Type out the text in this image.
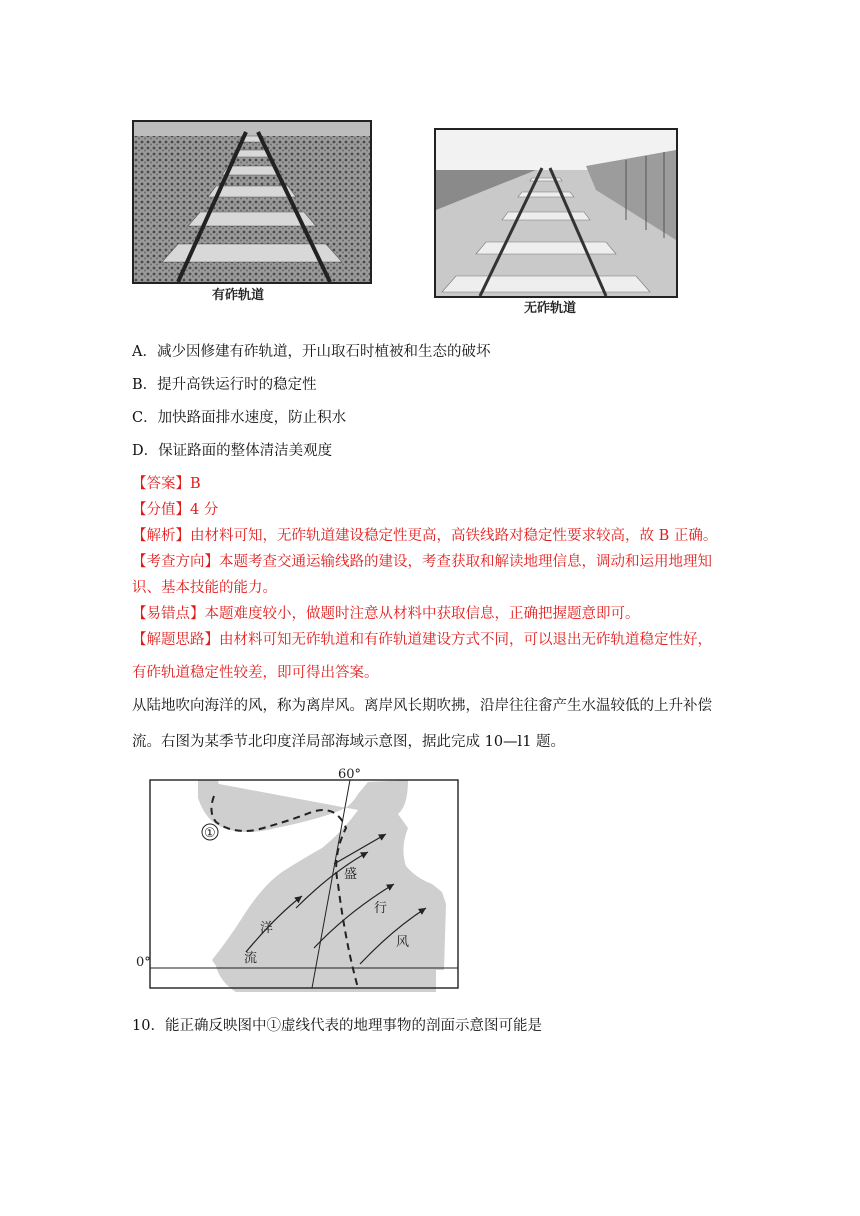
有砟轨道
无砟轨道
A．减少因修建有砟轨道，开山取石时植被和生态的破坏
B．提升高铁运行时的稳定性
C．加快路面排水速度，防止积水
D．保证路面的整体清洁美观度
【答案】B
【分值】4 分
【解析】由材料可知，无砟轨道建设稳定性更高，高铁线路对稳定性要求较高，故 B 正确。
【考查方向】本题考查交通运输线路的建设，考查获取和解读地理信息，调动和运用地理知
识、基本技能的能力。
【易错点】本题难度较小，做题时注意从材料中获取信息，正确把握题意即可。
【解题思路】由材料可知无砟轨道和有砟轨道建设方式不同，可以退出无砟轨道稳定性好，
有砟轨道稳定性较差，即可得出答案。
从陆地吹向海洋的风，称为离岸风。离岸风长期吹拂，沿岸往往畲产生水温较低的上升补偿
流。右图为某季节北印度洋局部海域示意图，据此完成 10—l1 题。
①
60°
0°
盛
行
风
洋
流
10．能正确反映图中①虚线代表的地理事物的剖面示意图可能是
